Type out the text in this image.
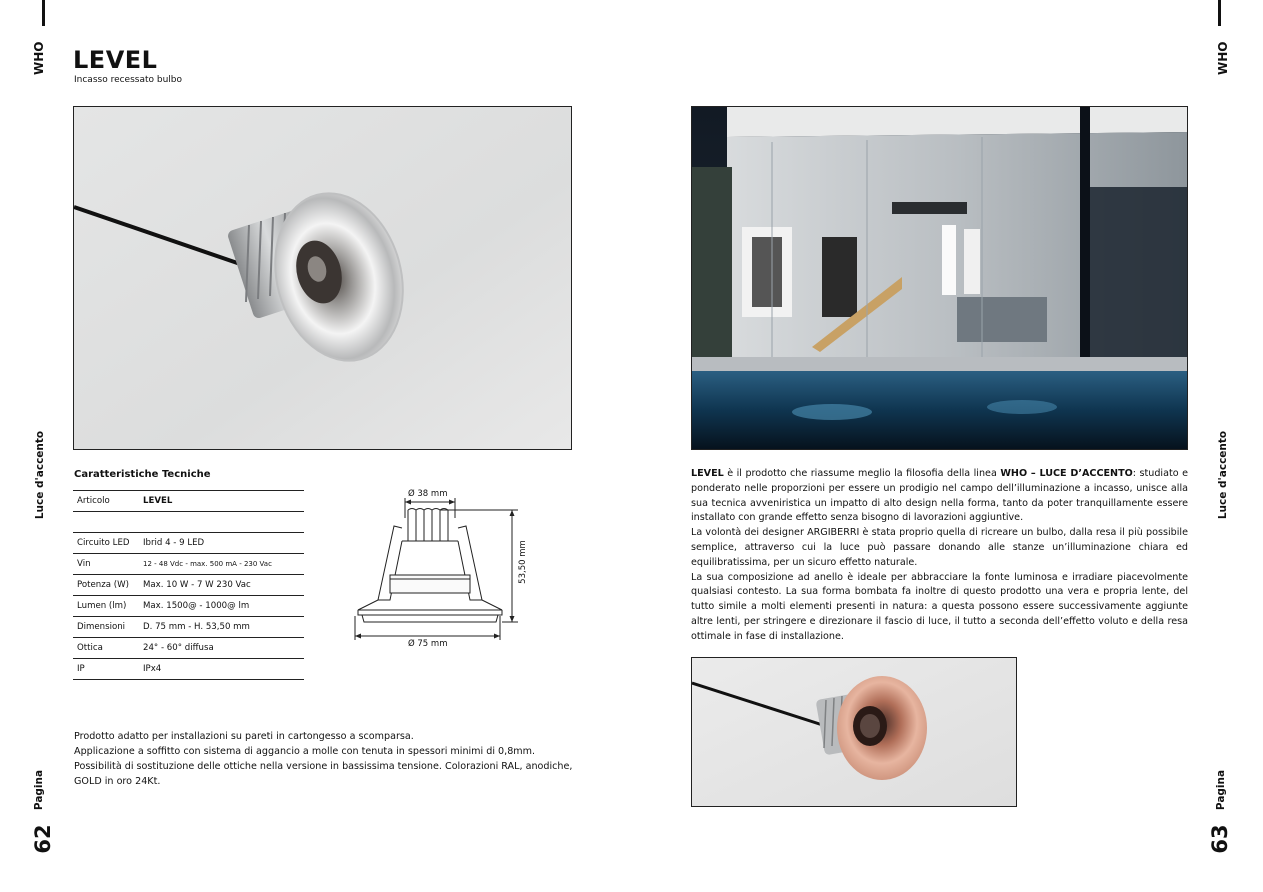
WHO
Luce d'accento
Pagina
62
LEVEL
Incasso recessato bulbo
Caratteristiche Tecniche
Articolo	LEVEL

Circuito LED	Ibrid 4 - 9 LED
Vin	12 - 48 Vdc - max. 500 mA - 230 Vac
Potenza (W)	Max. 10 W - 7 W 230 Vac
Lumen (lm)	Max. 1500@ - 1000@ lm
Dimensioni	D. 75 mm - H. 53,50 mm
Ottica	24° - 60° diffusa
IP	IPx4
Ø 38 mm
Ø 75 mm
53,50 mm
Prodotto adatto per installazioni su pareti in cartongesso a scomparsa.
Applicazione a soffitto con sistema di aggancio a molle con tenuta in spessori minimi di 0,8mm.
Possibilità di sostituzione delle ottiche nella versione in bassissima tensione. Colorazioni RAL, anodiche, GOLD in oro 24Kt.
WHO
Luce d'accento
Pagina
63

LEVEL è il prodotto che riassume meglio la filosofia della linea WHO – LUCE D’ACCENTO: studiato e ponderato nelle proporzioni per essere un prodigio nel campo dell’illuminazione a incasso, unisce alla sua tecnica avveniristica un impatto di alto design nella forma, tanto da poter tranquillamente essere installato con grande effetto senza bisogno di lavorazioni aggiuntive.

La volontà dei designer ARGIBERRI è stata proprio quella di ricreare un bulbo, dalla resa il più possibile semplice, attraverso cui la luce può passare donando alle stanze un’illuminazione chiara ed equilibratissima, per un sicuro effetto naturale.

La sua composizione ad anello è ideale per abbracciare la fonte luminosa e irradiare piacevolmente qualsiasi contesto. La sua forma bombata fa inoltre di questo prodotto una vera e propria lente, del tutto simile a molti elementi presenti in natura: a questa possono essere successivamente aggiunte altre lenti, per stringere e direzionare il fascio di luce, il tutto a seconda dell’effetto voluto e della resa ottimale in fase di installazione.
